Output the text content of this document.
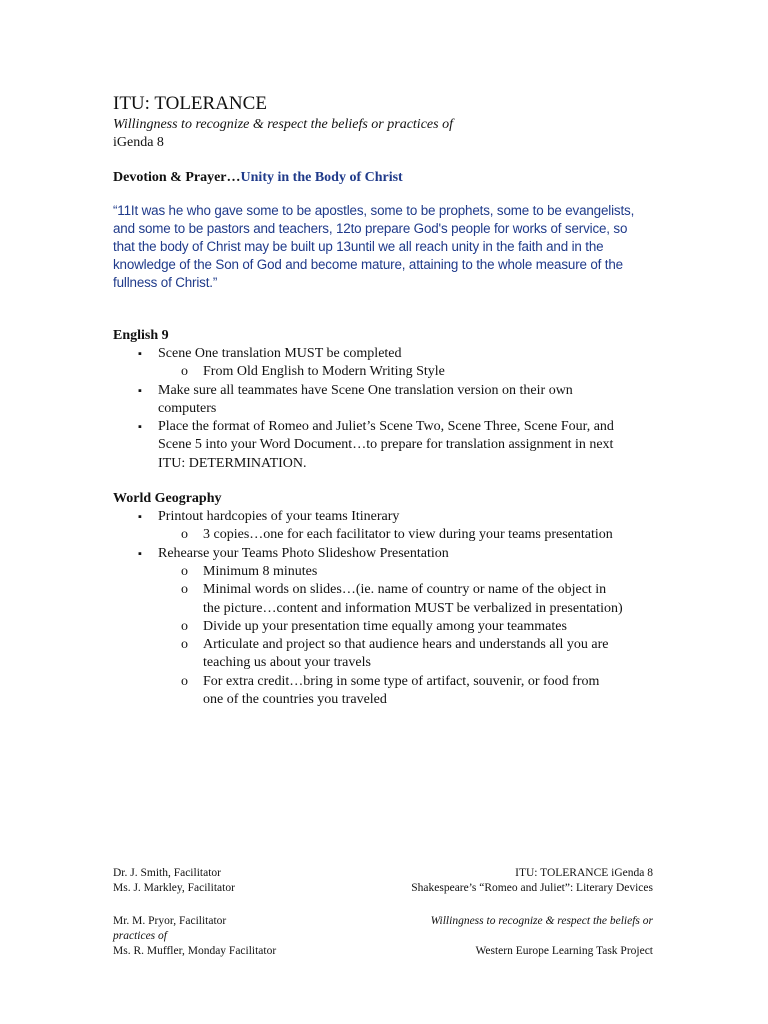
ITU: TOLERANCE

Willingness to recognize & respect the beliefs or practices of

iGenda 8

Devotion & Prayer…Unity in the Body of Christ
“11It was he who gave some to be apostles, some to be prophets, some to be evangelists,
and some to be pastors and teachers, 12to prepare God's people for works of service, so
that the body of Christ may be built up 13until we all reach unity in the faith and in the
knowledge of the Son of God and become mature, attaining to the whole measure of the
fullness of Christ.”

English 9

▪ Scene One translation MUST be completed
o From Old English to Modern Writing Style
▪ Make sure all teammates have Scene One translation version on their own
computers
▪ Place the format of Romeo and Juliet’s Scene Two, Scene Three, Scene Four, and
Scene 5 into your Word Document…to prepare for translation assignment in next
ITU: DETERMINATION.

World Geography

▪ Printout hardcopies of your teams Itinerary
o 3 copies…one for each facilitator to view during your teams presentation
▪ Rehearse your Teams Photo Slideshow Presentation
o Minimum 8 minutes
o Minimal words on slides…(ie. name of country or name of the object in
the picture…content and information MUST be verbalized in presentation)
o Divide up your presentation time equally among your teammates
o Articulate and project so that audience hears and understands all you are
teaching us about your travels
o For extra credit…bring in some type of artifact, souvenir, or food from
one of the countries you traveled
Dr. J. Smith, Facilitator	ITU: TOLERANCE iGenda 8
Ms. J. Markley, Facilitator	Shakespeare’s “Romeo and Juliet”: Literary Devices
Mr. M. Pryor, Facilitator	Willingness to recognize & respect the beliefs or
practices of
Ms. R. Muffler, Monday Facilitator	Western Europe Learning Task Project
